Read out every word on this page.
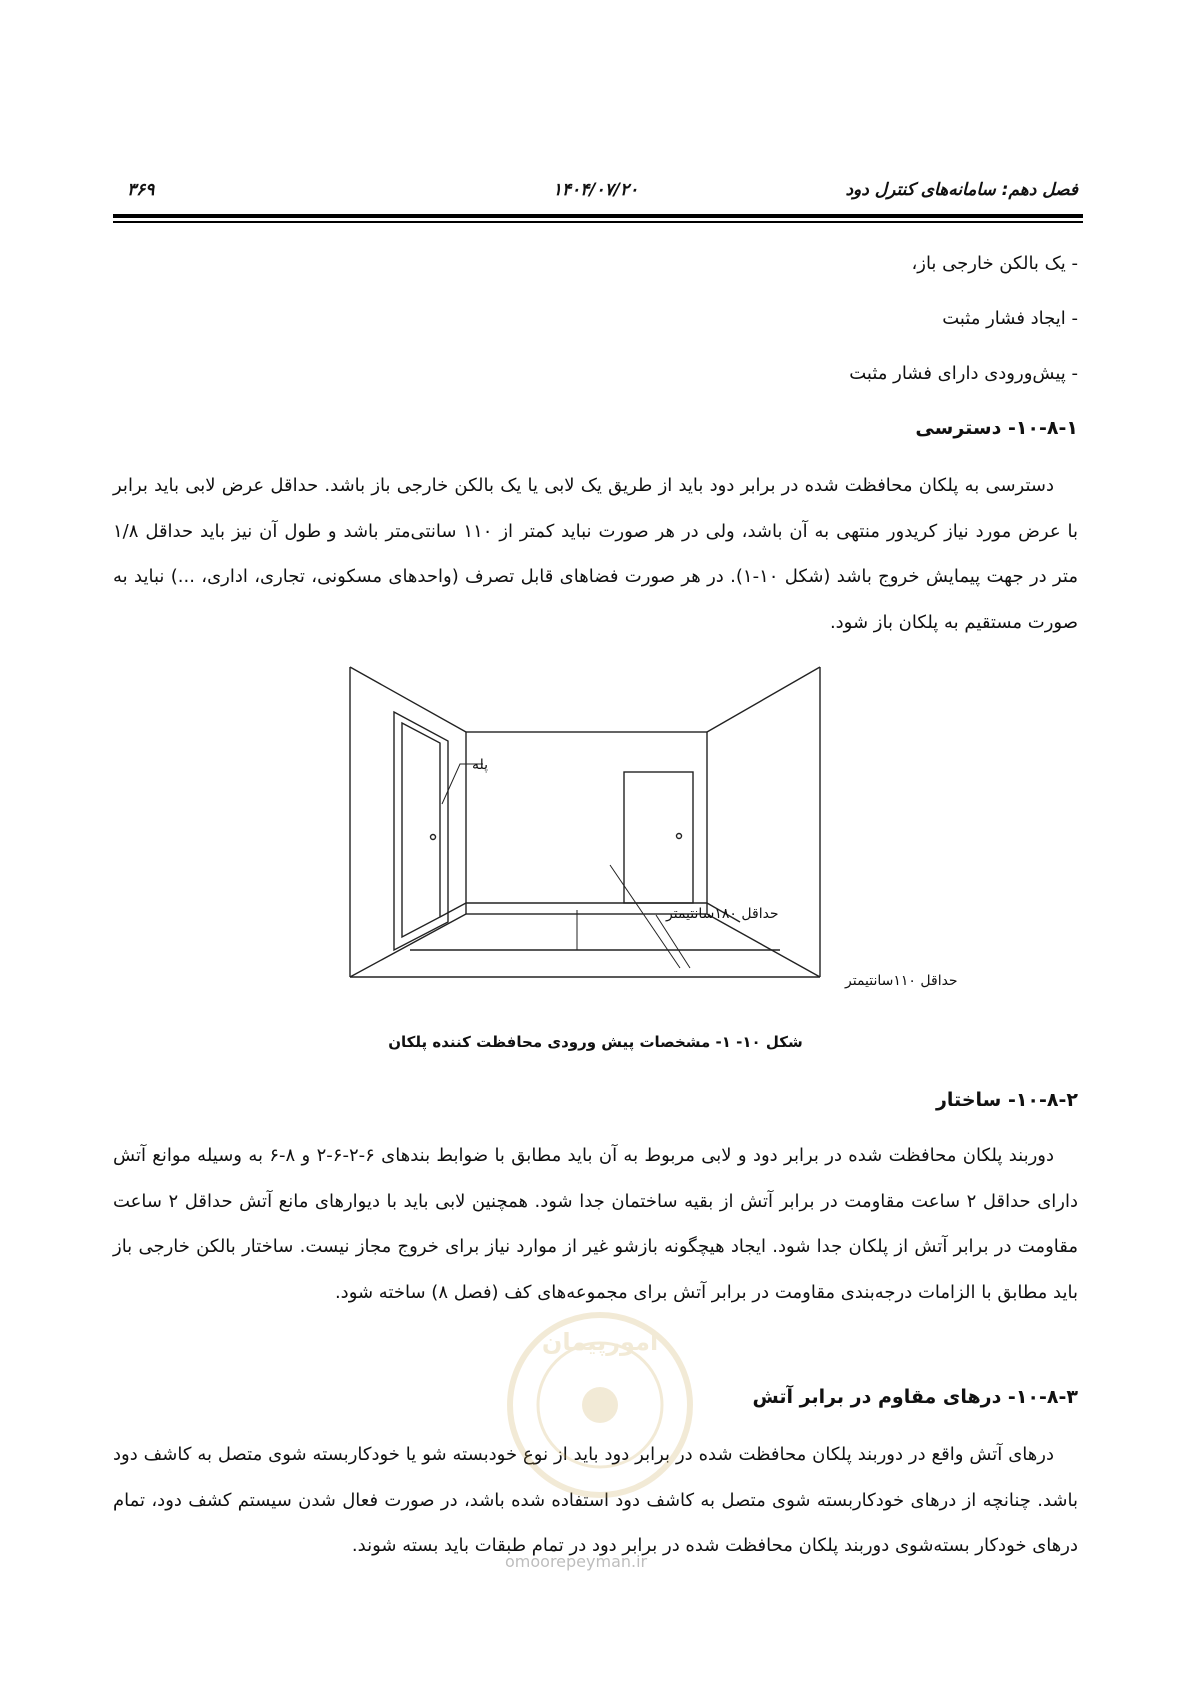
فصل دهم: سامانه‌های کنترل دود
۱۴۰۴/۰۷/۲۰
۳۶۹
- یک بالکن خارجی باز،
- ایجاد فشار مثبت
- پیش‌ورودی دارای فشار مثبت
۱۰-۸-۱- دسترسی
دسترسی به پلکان محافظت شده در برابر دود باید از طریق یک لابی یا یک بالکن خارجی باز باشد. حداقل عرض لابی باید برابر با عرض مورد نیاز کریدور منتهی به آن باشد، ولی در هر صورت نباید کمتر از ۱۱۰ سانتی‌متر باشد و طول آن نیز باید حداقل ۱/۸ متر در جهت پیمایش خروج باشد (شکل ۱۰-۱). در هر صورت فضاهای قابل تصرف (واحدهای مسکونی، تجاری، اداری، ...) نباید به صورت مستقیم به پلکان باز شود.
پله
حداقل ۱۸۰سانتیمتر
حداقل ۱۱۰سانتیمتر
شکل ۱۰- ۱- مشخصات پیش ورودی محافظت کننده پلکان
۱۰-۸-۲- ساختار
دوربند پلکان محافظت شده در برابر دود و لابی مربوط به آن باید مطابق با ضوابط بندهای ۶-۲-۶-۲ و ۸-۶ به وسیله موانع آتش دارای حداقل ۲ ساعت مقاومت در برابر آتش از بقیه ساختمان جدا شود. همچنین لابی باید با دیوارهای مانع آتش حداقل ۲ ساعت مقاومت در برابر آتش از پلکان جدا شود. ایجاد هیچگونه بازشو غیر از موارد نیاز برای خروج مجاز نیست. ساختار بالکن خارجی باز باید مطابق با الزامات درجه‌بندی مقاومت در برابر آتش برای مجموعه‌های کف (فصل ۸) ساخته شود.
۱۰-۸-۳- درهای مقاوم در برابر آتش
درهای آتش واقع در دوربند پلکان محافظت شده در برابر دود باید از نوع خودبسته شو یا خودکاربسته شوی متصل به کاشف دود باشد. چنانچه از درهای خودکاربسته شوی متصل به کاشف دود استفاده شده باشد، در صورت فعال شدن سیستم کشف دود، تمام درهای خودکار بسته‌شوی دوربند پلکان محافظت شده در برابر دود در تمام طبقات باید بسته شوند.
امورپیمان
omoorepeyman.ir
